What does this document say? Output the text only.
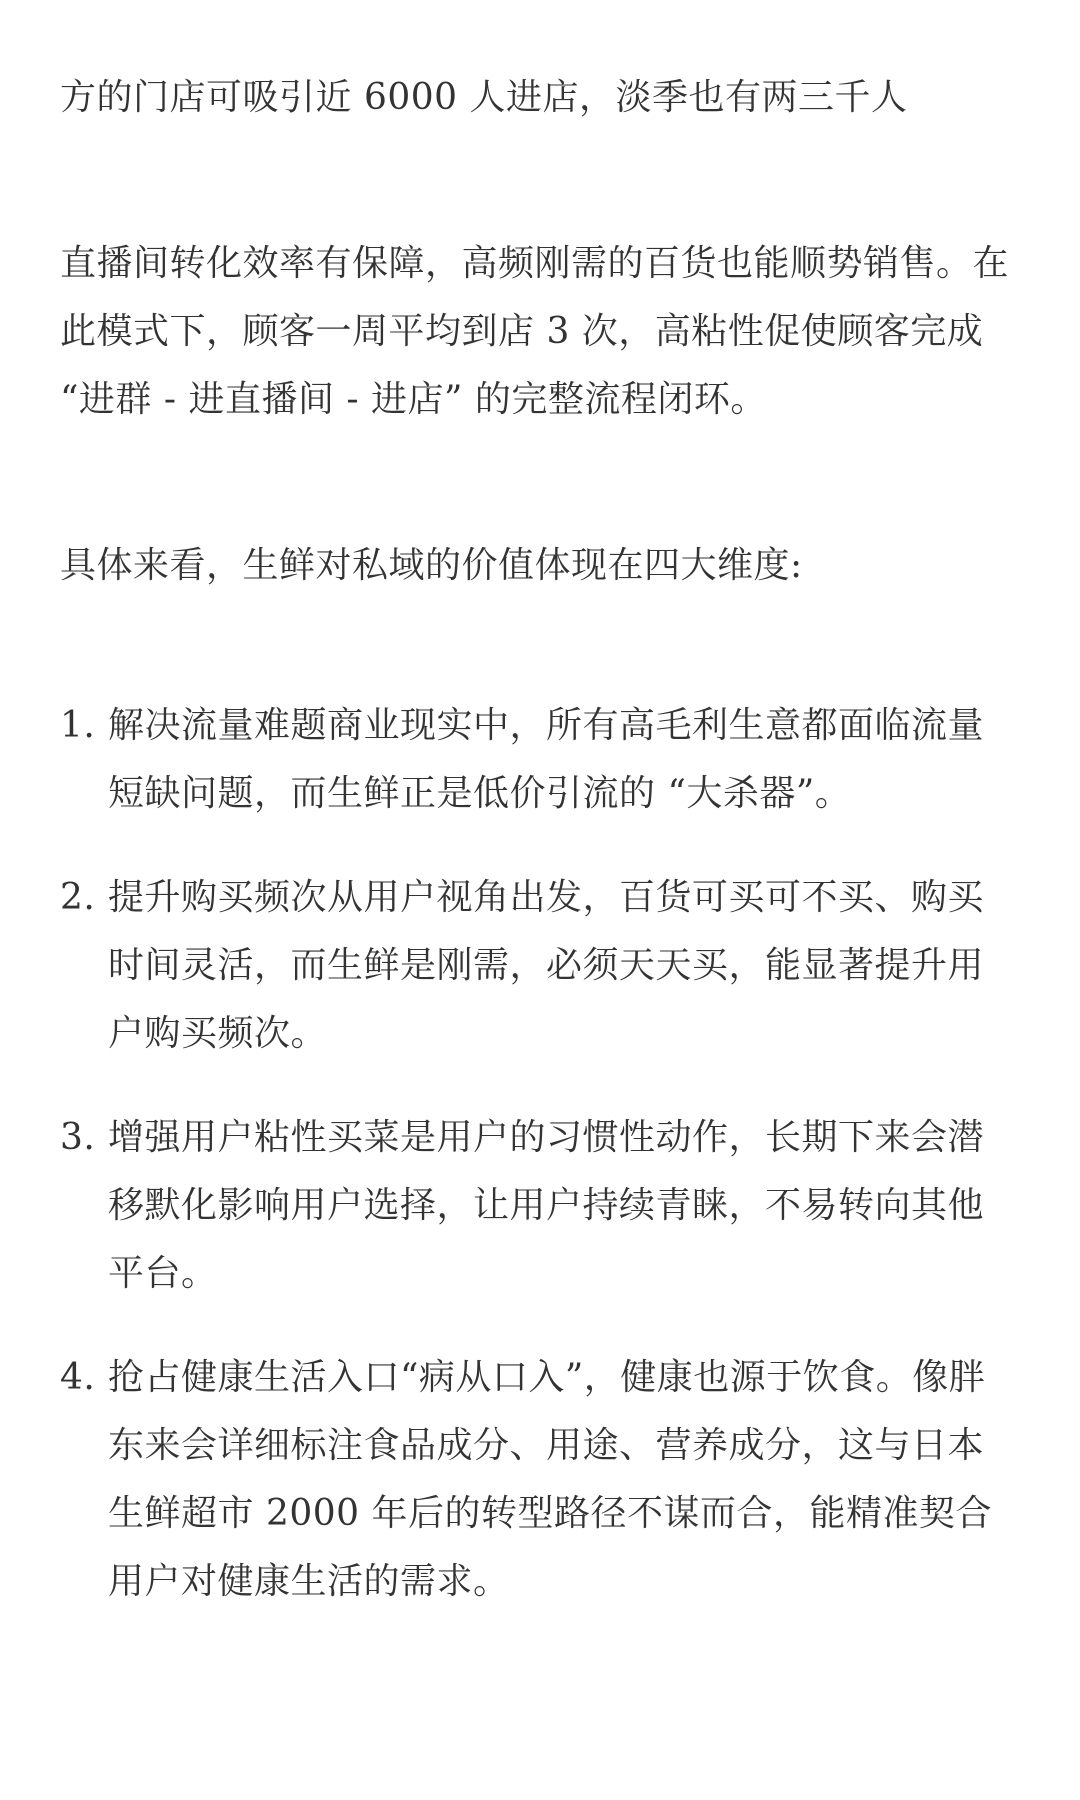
方的门店可吸引近 6000 人进店，淡季也有两三千人

直播间转化效率有保障，高频刚需的百货也能顺势销售。在此模式下，顾客一周平均到店 3 次，高粘性促使顾客完成 “进群 - 进直播间 - 进店” 的完整流程闭环。

具体来看，生鲜对私域的价值体现在四大维度:

1. 解决流量难题商业现实中，所有高毛利生意都面临流量短缺问题，而生鲜正是低价引流的 “大杀器”。
2. 提升购买频次从用户视角出发，百货可买可不买、购买时间灵活，而生鲜是刚需，必须天天买，能显著提升用户购买频次。
3. 增强用户粘性买菜是用户的习惯性动作，长期下来会潜移默化影响用户选择，让用户持续青睐，不易转向其他平台。
4. 抢占健康生活入口“病从口入”，健康也源于饮食。像胖东来会详细标注食品成分、用途、营养成分，这与日本生鲜超市 2000 年后的转型路径不谋而合，能精准契合用户对健康生活的需求。
